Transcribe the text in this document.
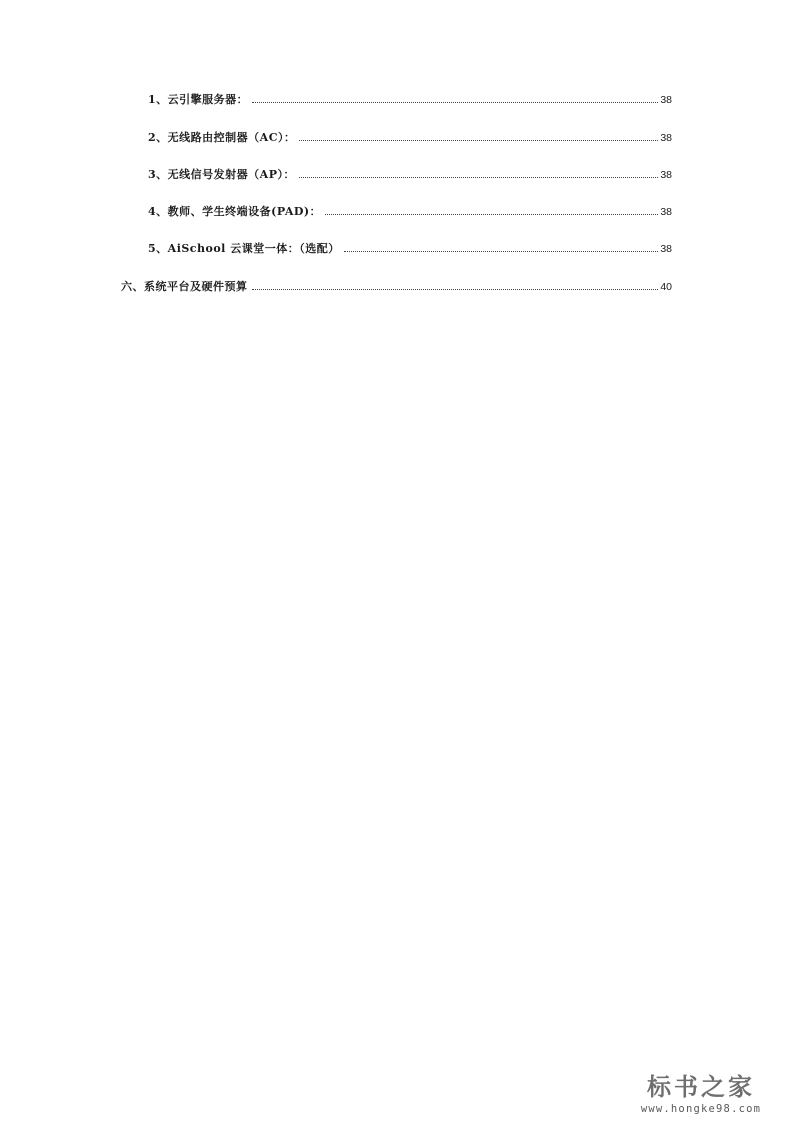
1、云引擎服务器：	38
2、无线路由控制器（AC）：	38
3、无线信号发射器（AP）：	38
4、教师、学生终端设备(PAD)：	38
5、AiSchool 云课堂一体：（选配）	38
六、系统平台及硬件预算	40
标书之家
www.hongke98.com
